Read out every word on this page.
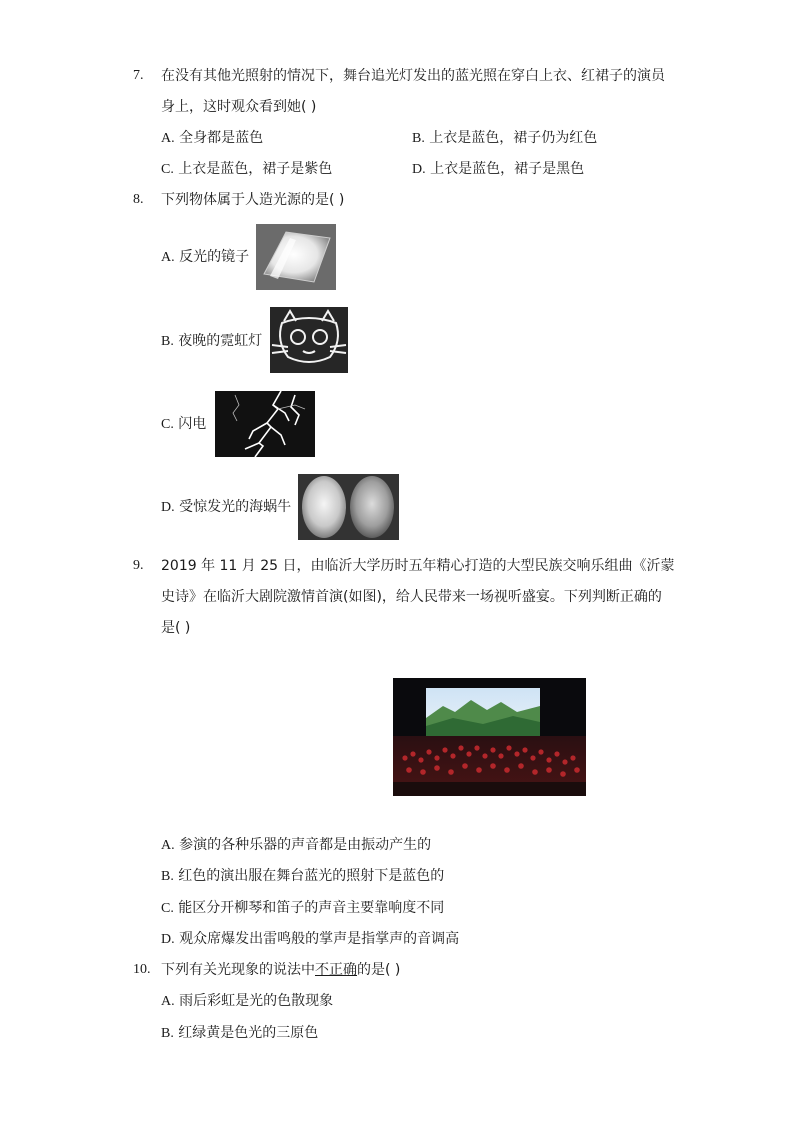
7. 在没有其他光照射的情况下，舞台追光灯发出的蓝光照在穿白上衣、红裙子的演员
身上，这时观众看到她( )
A. 全身都是蓝色	B. 上衣是蓝色，裙子仍为红色
C. 上衣是蓝色，裙子是紫色	D. 上衣是蓝色，裙子是黑色
8. 下列物体属于人造光源的是( )
A. 反光的镜子
B. 夜晚的霓虹灯
C. 闪电
D. 受惊发光的海蜗牛
9. 2019 年 11 月 25 日，由临沂大学历时五年精心打造的大型民族交响乐组曲《沂蒙
史诗》在临沂大剧院激情首演(如图)，给人民带来一场视听盛宴。下列判断正确的
是( )
A. 参演的各种乐器的声音都是由振动产生的
B. 红色的演出服在舞台蓝光的照射下是蓝色的
C. 能区分开柳琴和笛子的声音主要靠响度不同
D. 观众席爆发出雷鸣般的掌声是指掌声的音调高
10. 下列有关光现象的说法中不正确的是( )
A. 雨后彩虹是光的色散现象
B. 红绿黄是色光的三原色
